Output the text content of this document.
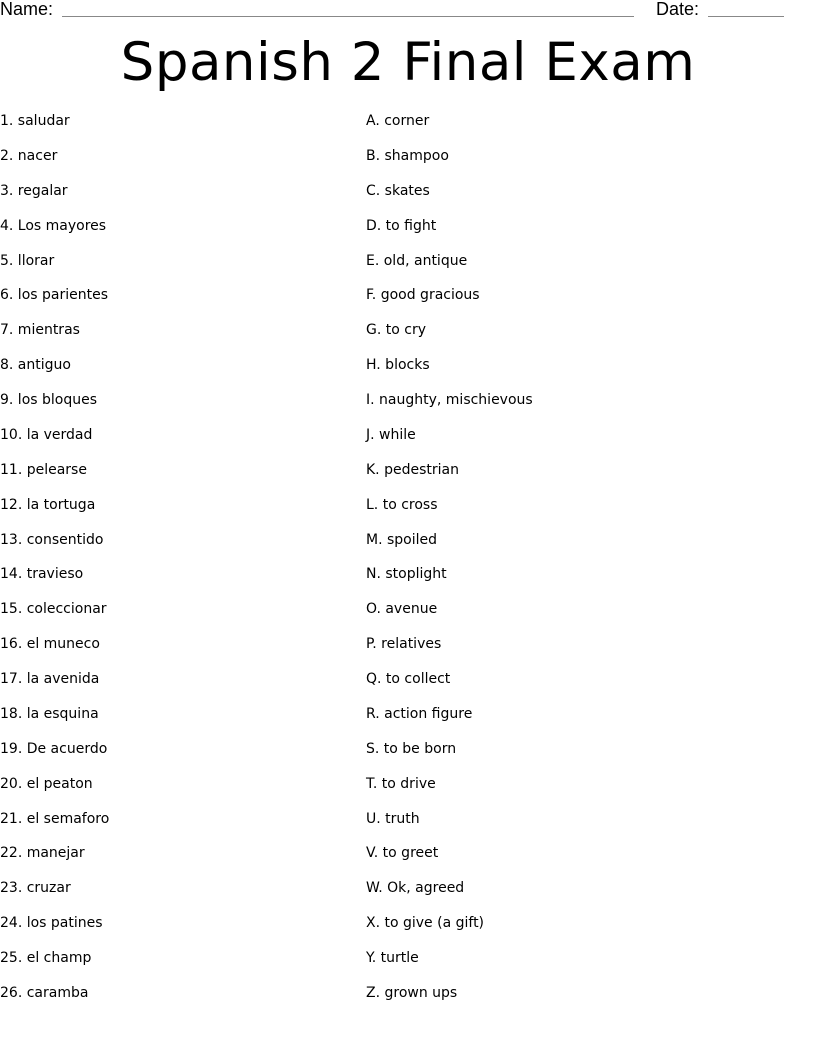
Name:	Date:
Spanish 2 Final Exam
1. saludar
2. nacer
3. regalar
4. Los mayores
5. llorar
6. los parientes
7. mientras
8. antiguo
9. los bloques
10. la verdad
11. pelearse
12. la tortuga
13. consentido
14. travieso
15. coleccionar
16. el muneco
17. la avenida
18. la esquina
19. De acuerdo
20. el peaton
21. el semaforo
22. manejar
23. cruzar
24. los patines
25. el champ
26. caramba
A. corner
B. shampoo
C. skates
D. to fight
E. old, antique
F. good gracious
G. to cry
H. blocks
I. naughty, mischievous
J. while
K. pedestrian
L. to cross
M. spoiled
N. stoplight
O. avenue
P. relatives
Q. to collect
R. action figure
S. to be born
T. to drive
U. truth
V. to greet
W. Ok, agreed
X. to give (a gift)
Y. turtle
Z. grown ups
